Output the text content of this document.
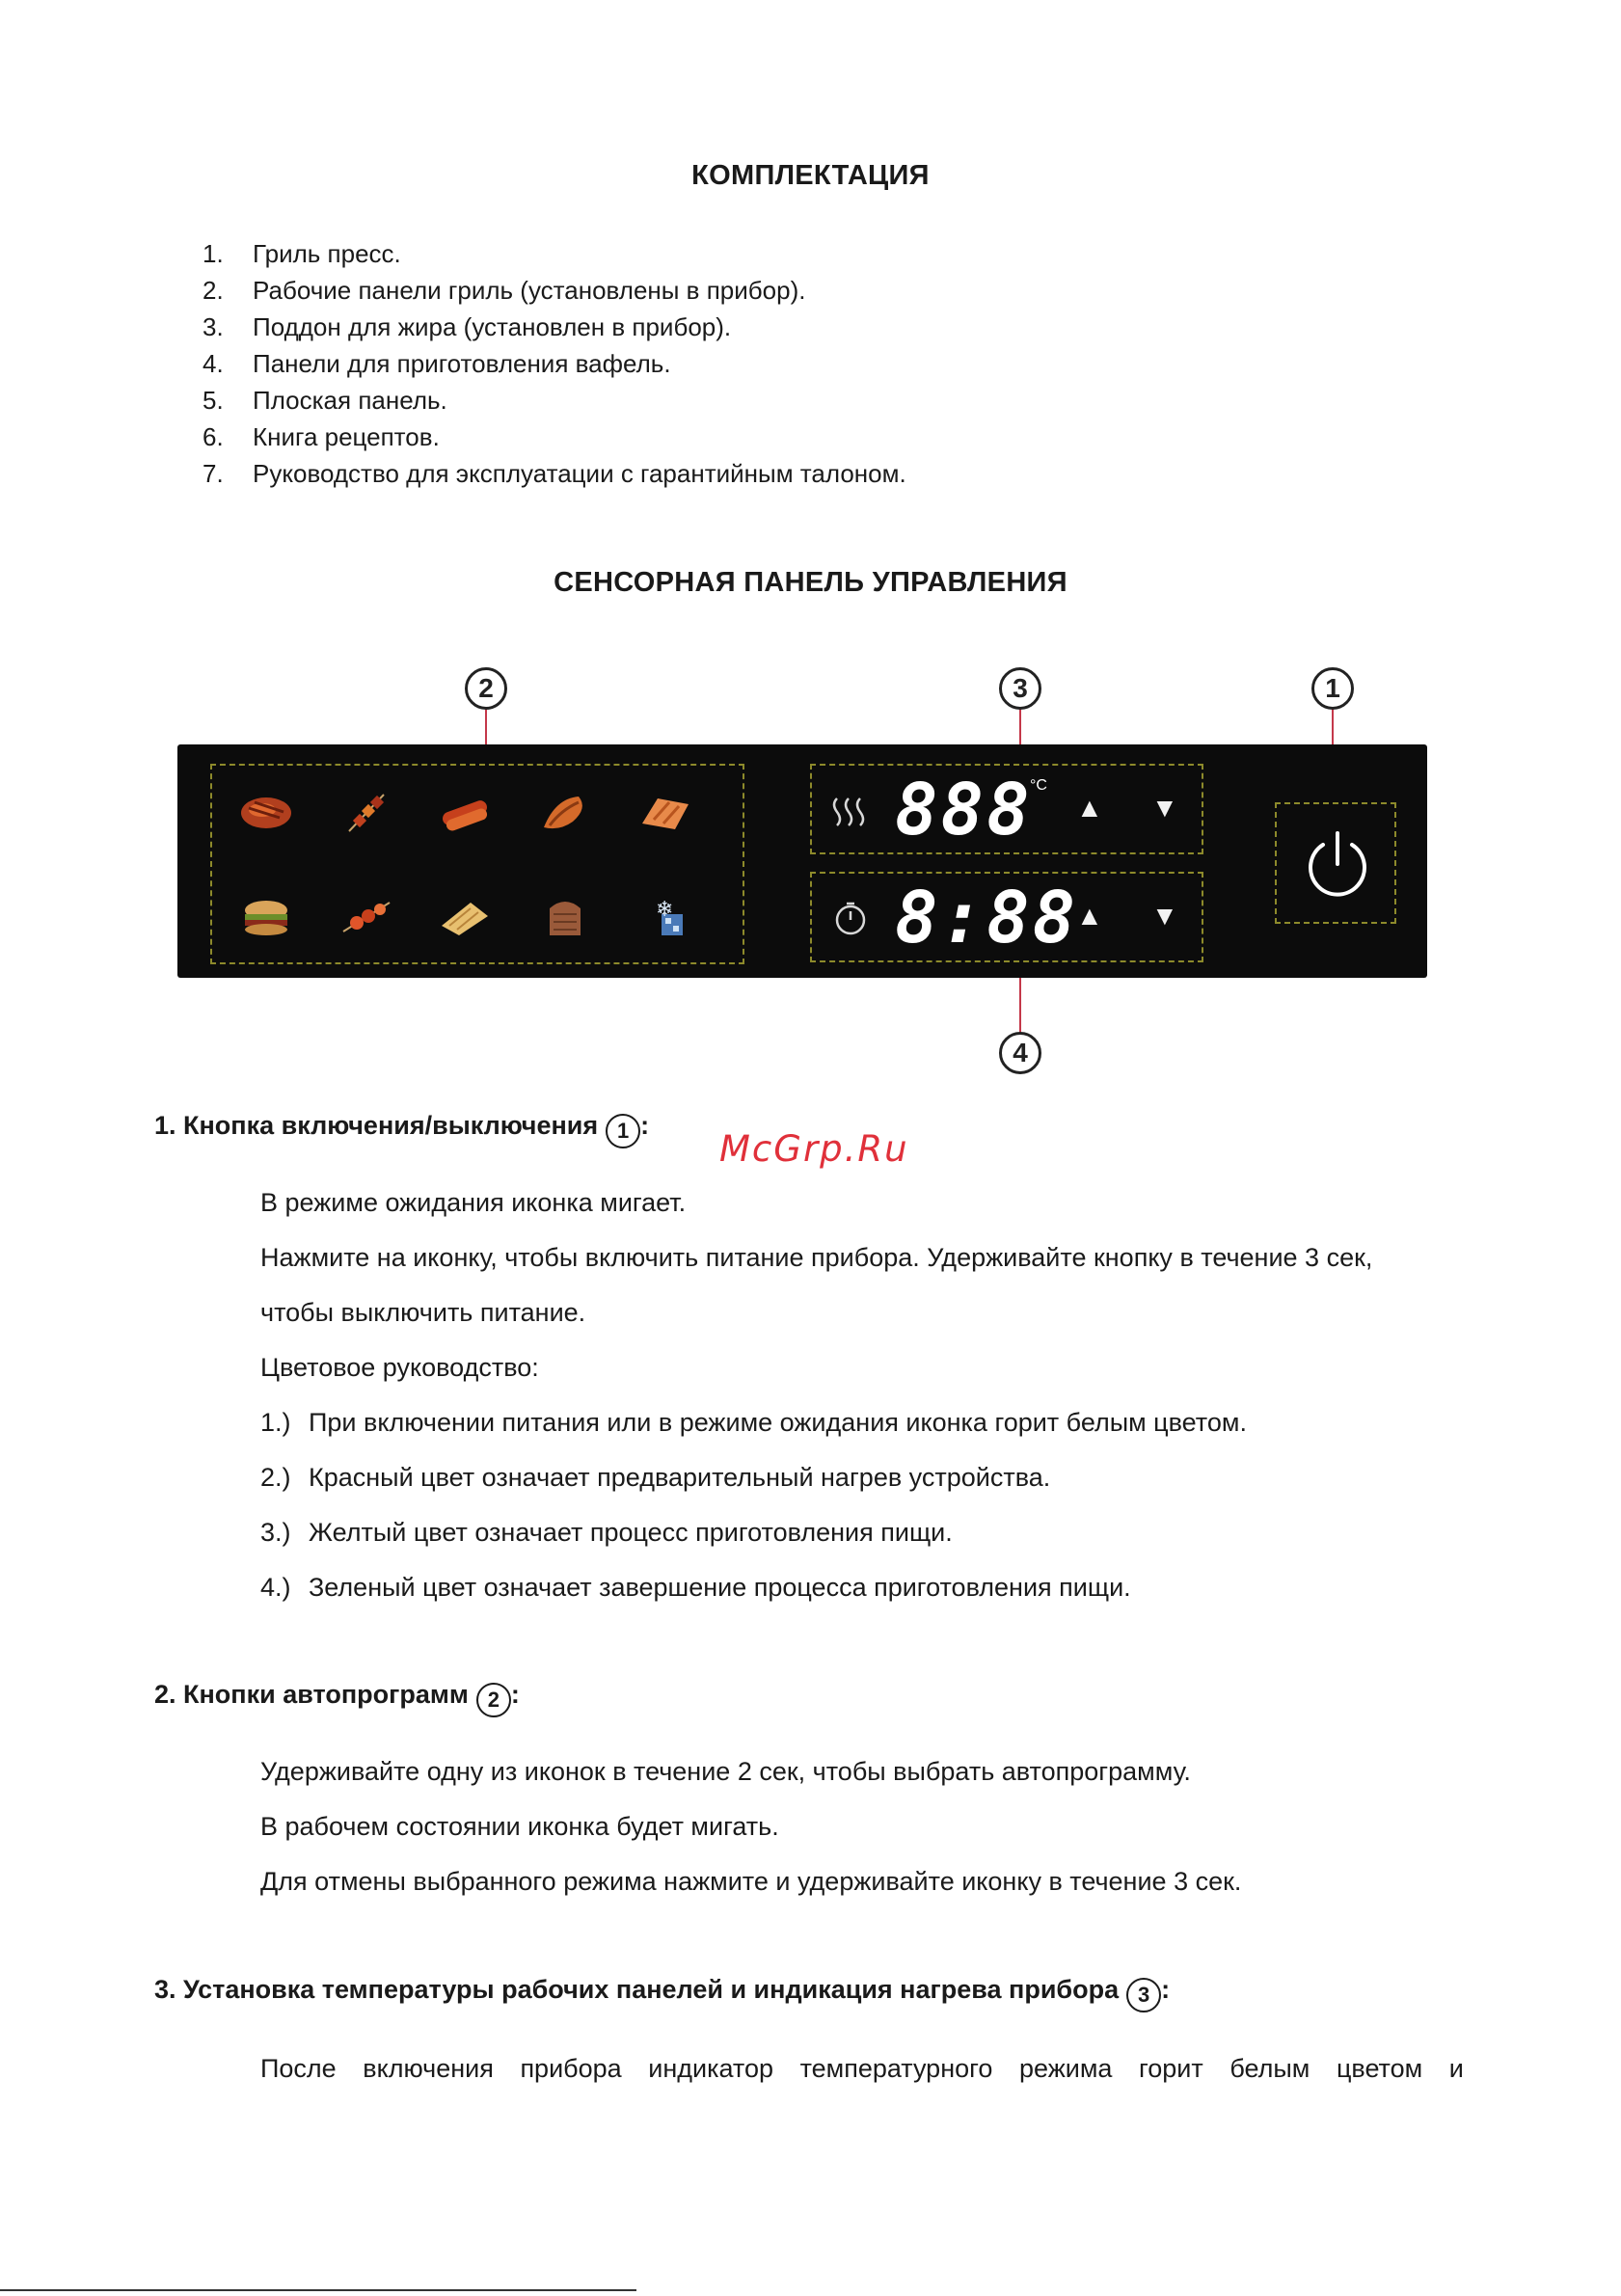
КОМПЛЕКТАЦИЯ
1. Гриль пресс.
2. Рабочие панели гриль (установлены в прибор).
3. Поддон для жира (установлен в прибор).
4. Панели для приготовления вафель.
5. Плоская панель.
6. Книга рецептов.
7. Руководство для эксплуатации с гарантийным талоном.
СЕНСОРНАЯ ПАНЕЛЬ УПРАВЛЕНИЯ
2	3	1
4
❄
888
°C
▲ ▼
8:88
▲ ▼
McGrp.Ru
1. Кнопка включения/выключения 1 :
В режиме ожидания иконка мигает.
Нажмите на иконку, чтобы включить питание прибора. Удерживайте кнопку в течение 3 сек,
чтобы выключить питание.
Цветовое руководство:
1.) При включении питания или в режиме ожидания иконка горит белым цветом.
2.) Красный цвет означает предварительный нагрев устройства.
3.) Желтый цвет означает процесс приготовления пищи.
4.) Зеленый цвет означает завершение процесса приготовления пищи.
2. Кнопки автопрограмм 2 :
Удерживайте одну из иконок в течение 2 сек, чтобы выбрать автопрограмму.
В рабочем состоянии иконка будет мигать.
Для отмены выбранного режима нажмите и удерживайте иконку в течение 3 сек.
3. Установка температуры рабочих панелей и индикация нагрева прибора 3 :
После включения прибора индикатор температурного режима горит белым цветом и
